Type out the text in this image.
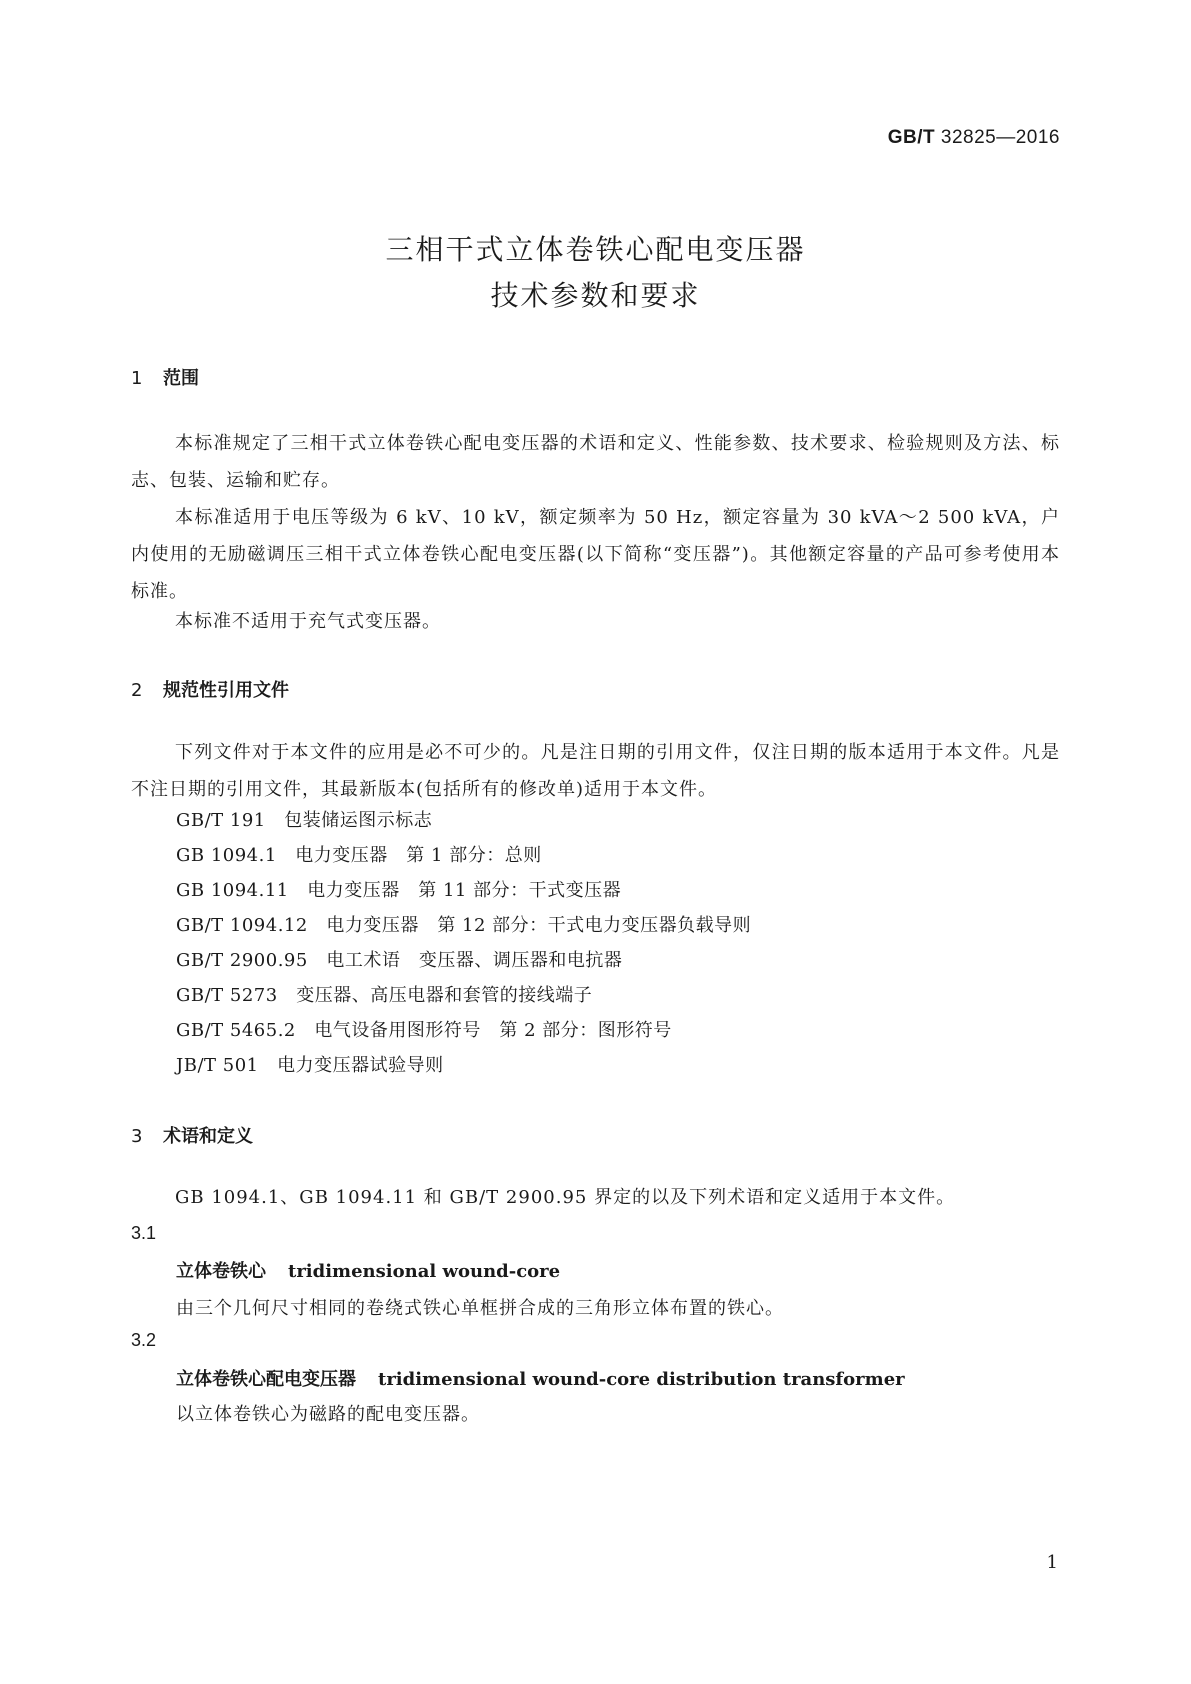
GB/T 32825—2016
三相干式立体卷铁心配电变压器
技术参数和要求
1 范围
本标准规定了三相干式立体卷铁心配电变压器的术语和定义、性能参数、技术要求、检验规则及方法、标志、包装、运输和贮存。
本标准适用于电压等级为 6 kV、10 kV，额定频率为 50 Hz，额定容量为 30 kVA～2 500 kVA，户内使用的无励磁调压三相干式立体卷铁心配电变压器(以下简称“变压器”)。其他额定容量的产品可参考使用本标准。
本标准不适用于充气式变压器。
2 规范性引用文件
下列文件对于本文件的应用是必不可少的。凡是注日期的引用文件，仅注日期的版本适用于本文件。凡是不注日期的引用文件，其最新版本(包括所有的修改单)适用于本文件。
GB/T 191　包装储运图示标志
GB 1094.1　电力变压器　第 1 部分：总则
GB 1094.11　电力变压器　第 11 部分：干式变压器
GB/T 1094.12　电力变压器　第 12 部分：干式电力变压器负载导则
GB/T 2900.95　电工术语　变压器、调压器和电抗器
GB/T 5273　变压器、高压电器和套管的接线端子
GB/T 5465.2　电气设备用图形符号　第 2 部分：图形符号
JB/T 501　电力变压器试验导则
3 术语和定义
GB 1094.1、GB 1094.11 和 GB/T 2900.95 界定的以及下列术语和定义适用于本文件。
3.1
立体卷铁心 tridimensional wound-core
由三个几何尺寸相同的卷绕式铁心单框拼合成的三角形立体布置的铁心。
3.2
立体卷铁心配电变压器 tridimensional wound-core distribution transformer
以立体卷铁心为磁路的配电变压器。
1
